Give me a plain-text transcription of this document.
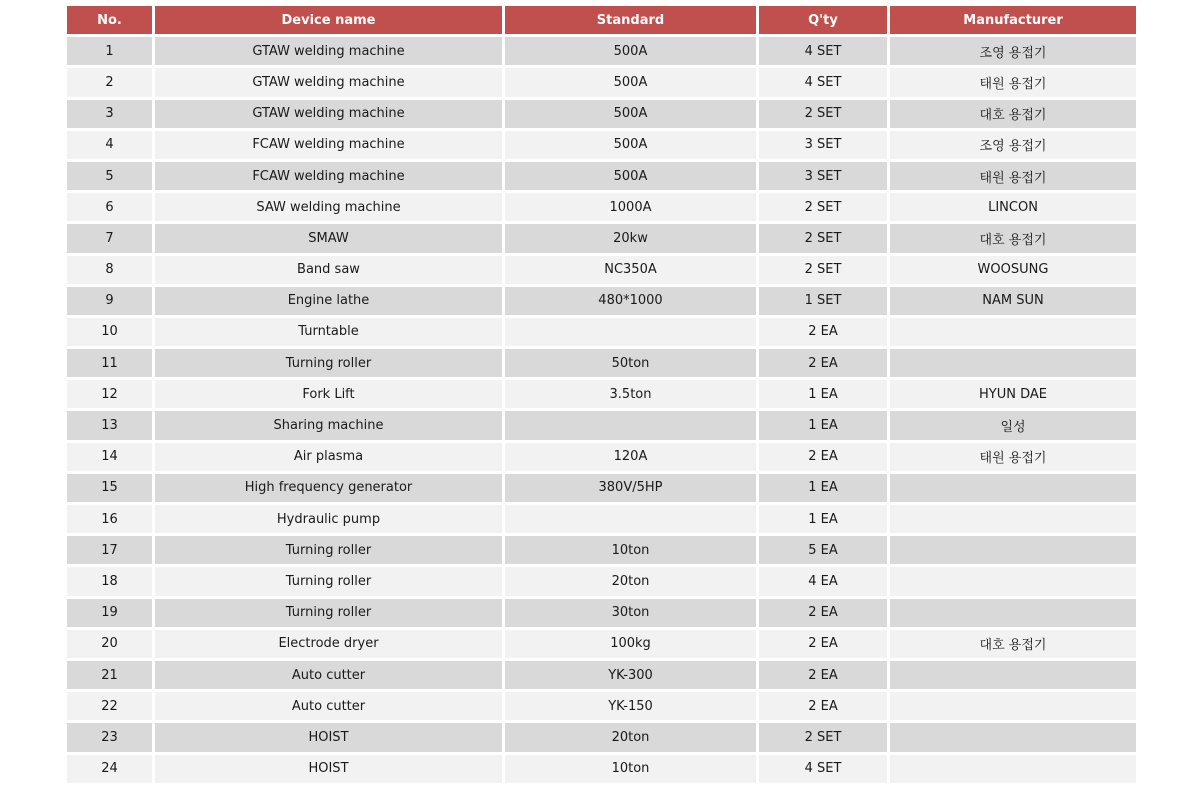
No.	Device name	Standard	Q'ty	Manufacturer
1	GTAW welding machine	500A	4 SET	조영 용접기
2	GTAW welding machine	500A	4 SET	태원 용접기
3	GTAW welding machine	500A	2 SET	대호 용접기
4	FCAW welding machine	500A	3 SET	조영 용접기
5	FCAW welding machine	500A	3 SET	태원 용접기
6	SAW welding machine	1000A	2 SET	LINCON
7	SMAW	20kw	2 SET	대호 용접기
8	Band saw	NC350A	2 SET	WOOSUNG
9	Engine lathe	480*1000	1 SET	NAM SUN
10	Turntable		2 EA	
11	Turning roller	50ton	2 EA	
12	Fork Lift	3.5ton	1 EA	HYUN DAE
13	Sharing machine		1 EA	일성
14	Air plasma	120A	2 EA	태원 용접기
15	High frequency generator	380V/5HP	1 EA	
16	Hydraulic pump		1 EA	
17	Turning roller	10ton	5 EA	
18	Turning roller	20ton	4 EA	
19	Turning roller	30ton	2 EA	
20	Electrode dryer	100kg	2 EA	대호 용접기
21	Auto cutter	YK-300	2 EA	
22	Auto cutter	YK-150	2 EA	
23	HOIST	20ton	2 SET	
24	HOIST	10ton	4 SET	
